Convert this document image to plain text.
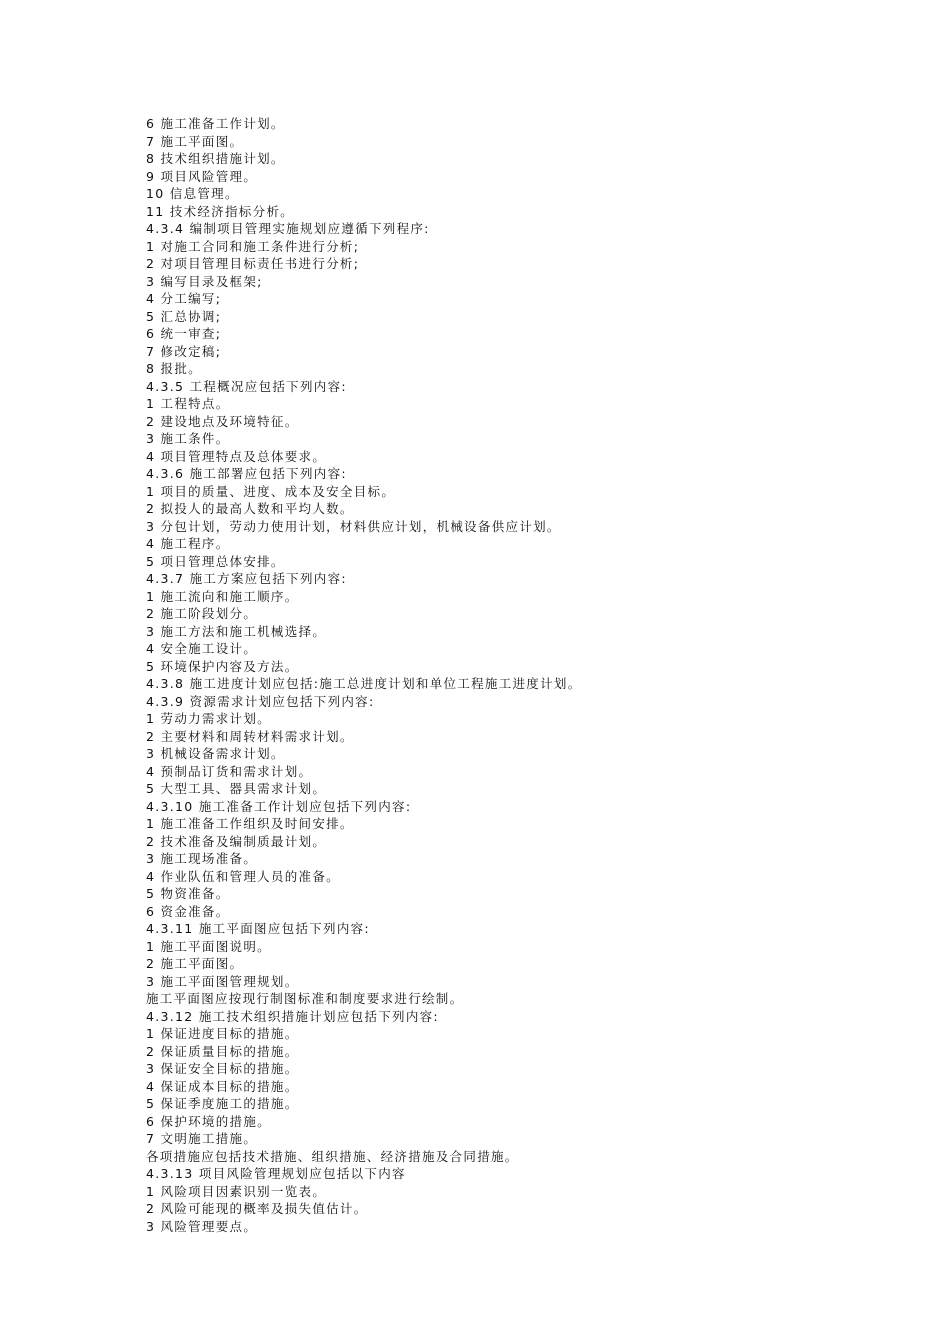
6 施工准备工作计划。
7 施工平面图。
8 技术组织措施计划。
9 项目风险管理。
10 信息管理。
11 技术经济指标分析。
4.3.4 编制项目管理实施规划应遵循下列程序:
1 对施工合同和施工条件进行分析;
2 对项目管理目标责任书进行分析;
3 编写目录及框架;
4 分工编写;
5 汇总协调;
6 统一审查;
7 修改定稿;
8 报批。
4.3.5 工程概况应包括下列内容:
1 工程特点。
2 建设地点及环境特征。
3 施工条件。
4 项目管理特点及总体要求。
4.3.6 施工部署应包括下列内容:
1 项目的质量、进度、成本及安全目标。
2 拟投人的最高人数和平均人数。
3 分包计划，劳动力使用计划，材料供应计划，机械设备供应计划。
4 施工程序。
5 项日管理总体安排。
4.3.7 施工方案应包括下列内容:
1 施工流向和施工顺序。
2 施工阶段划分。
3 施工方法和施工机械选择。
4 安全施工设计。
5 环境保护内容及方法。
4.3.8 施工进度计划应包括:施工总进度计划和单位工程施工进度计划。
4.3.9 资源需求计划应包括下列内容:
1 劳动力需求计划。
2 主要材料和周转材料需求计划。
3 机械设备需求计划。
4 预制品订货和需求计划。
5 大型工具、器具需求计划。
4.3.10 施工准备工作计划应包括下列内容:
1 施工准备工作组织及时间安排。
2 技术准备及编制质最计划。
3 施工现场准备。
4 作业队伍和管理人员的准备。
5 物资准备。
6 资金准备。
4.3.11 施工平面图应包括下列内容:
1 施工平面图说明。
2 施工平面图。
3 施工平面图管理规划。
施工平面图应按现行制图标准和制度要求进行绘制。
4.3.12 施工技术组织措施计划应包括下列内容:
1 保证进度目标的措施。
2 保证质量目标的措施。
3 保证安全目标的措施。
4 保证成本目标的措施。
5 保证季度施工的措施。
6 保护环境的措施。
7 文明施工措施。
各项措施应包括技术措施、组织措施、经济措施及合同措施。
4.3.13 项目风险管理规划应包括以下内容
1 风险项目因素识别一览表。
2 风险可能现的概率及损失值估计。
3 风险管理要点。
